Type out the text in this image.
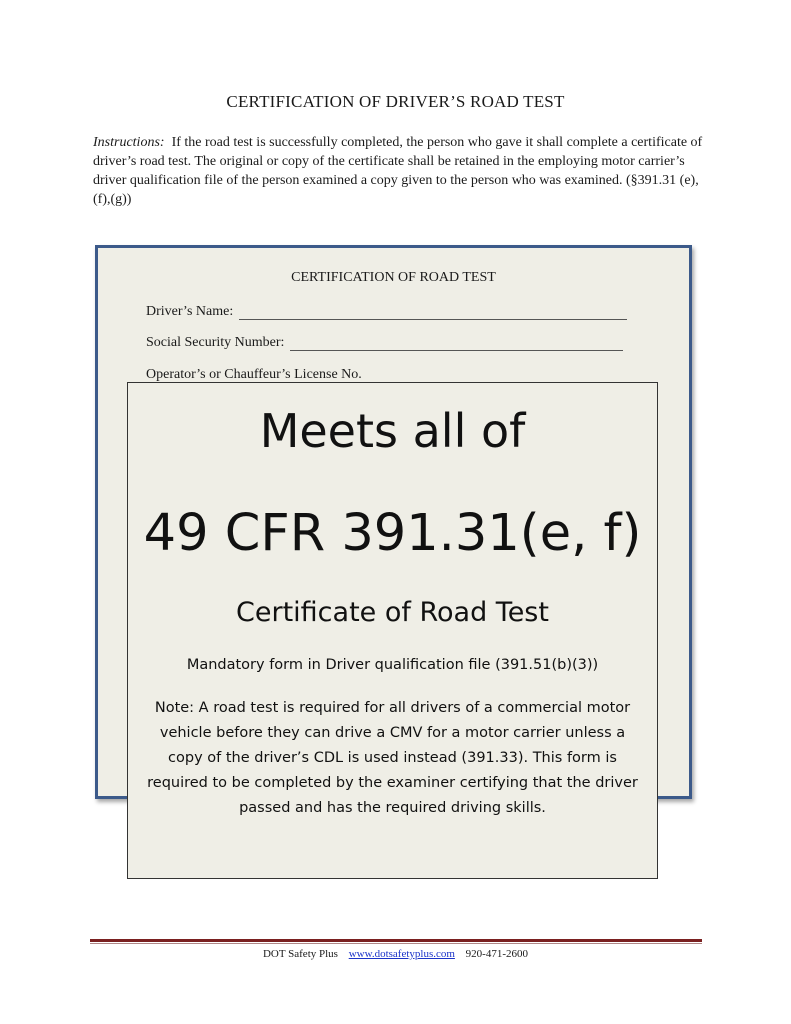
CERTIFICATION OF DRIVER’S ROAD TEST
Instructions: If the road test is successfully completed, the person who gave it shall complete a certificate of driver’s road test. The original or copy of the certificate shall be retained in the employing motor carrier’s driver qualification file of the person examined a copy given to the person who was examined. (§391.31 (e),(f),(g))
CERTIFICATION OF ROAD TEST
Driver’s Name:
Social Security Number:
Operator’s or Chauffeur’s License No.
Meets all of
49 CFR 391.31(e, f)
Certificate of Road Test
Mandatory form in Driver qualification file (391.51(b)(3))
Note: A road test is required for all drivers of a commercial motor vehicle before they can drive a CMV for a motor carrier unless a copy of the driver’s CDL is used instead (391.33). This form is required to be completed by the examiner certifying that the driver passed and has the required driving skills.
DOT Safety Plus www.dotsafetyplus.com 920-471-2600
